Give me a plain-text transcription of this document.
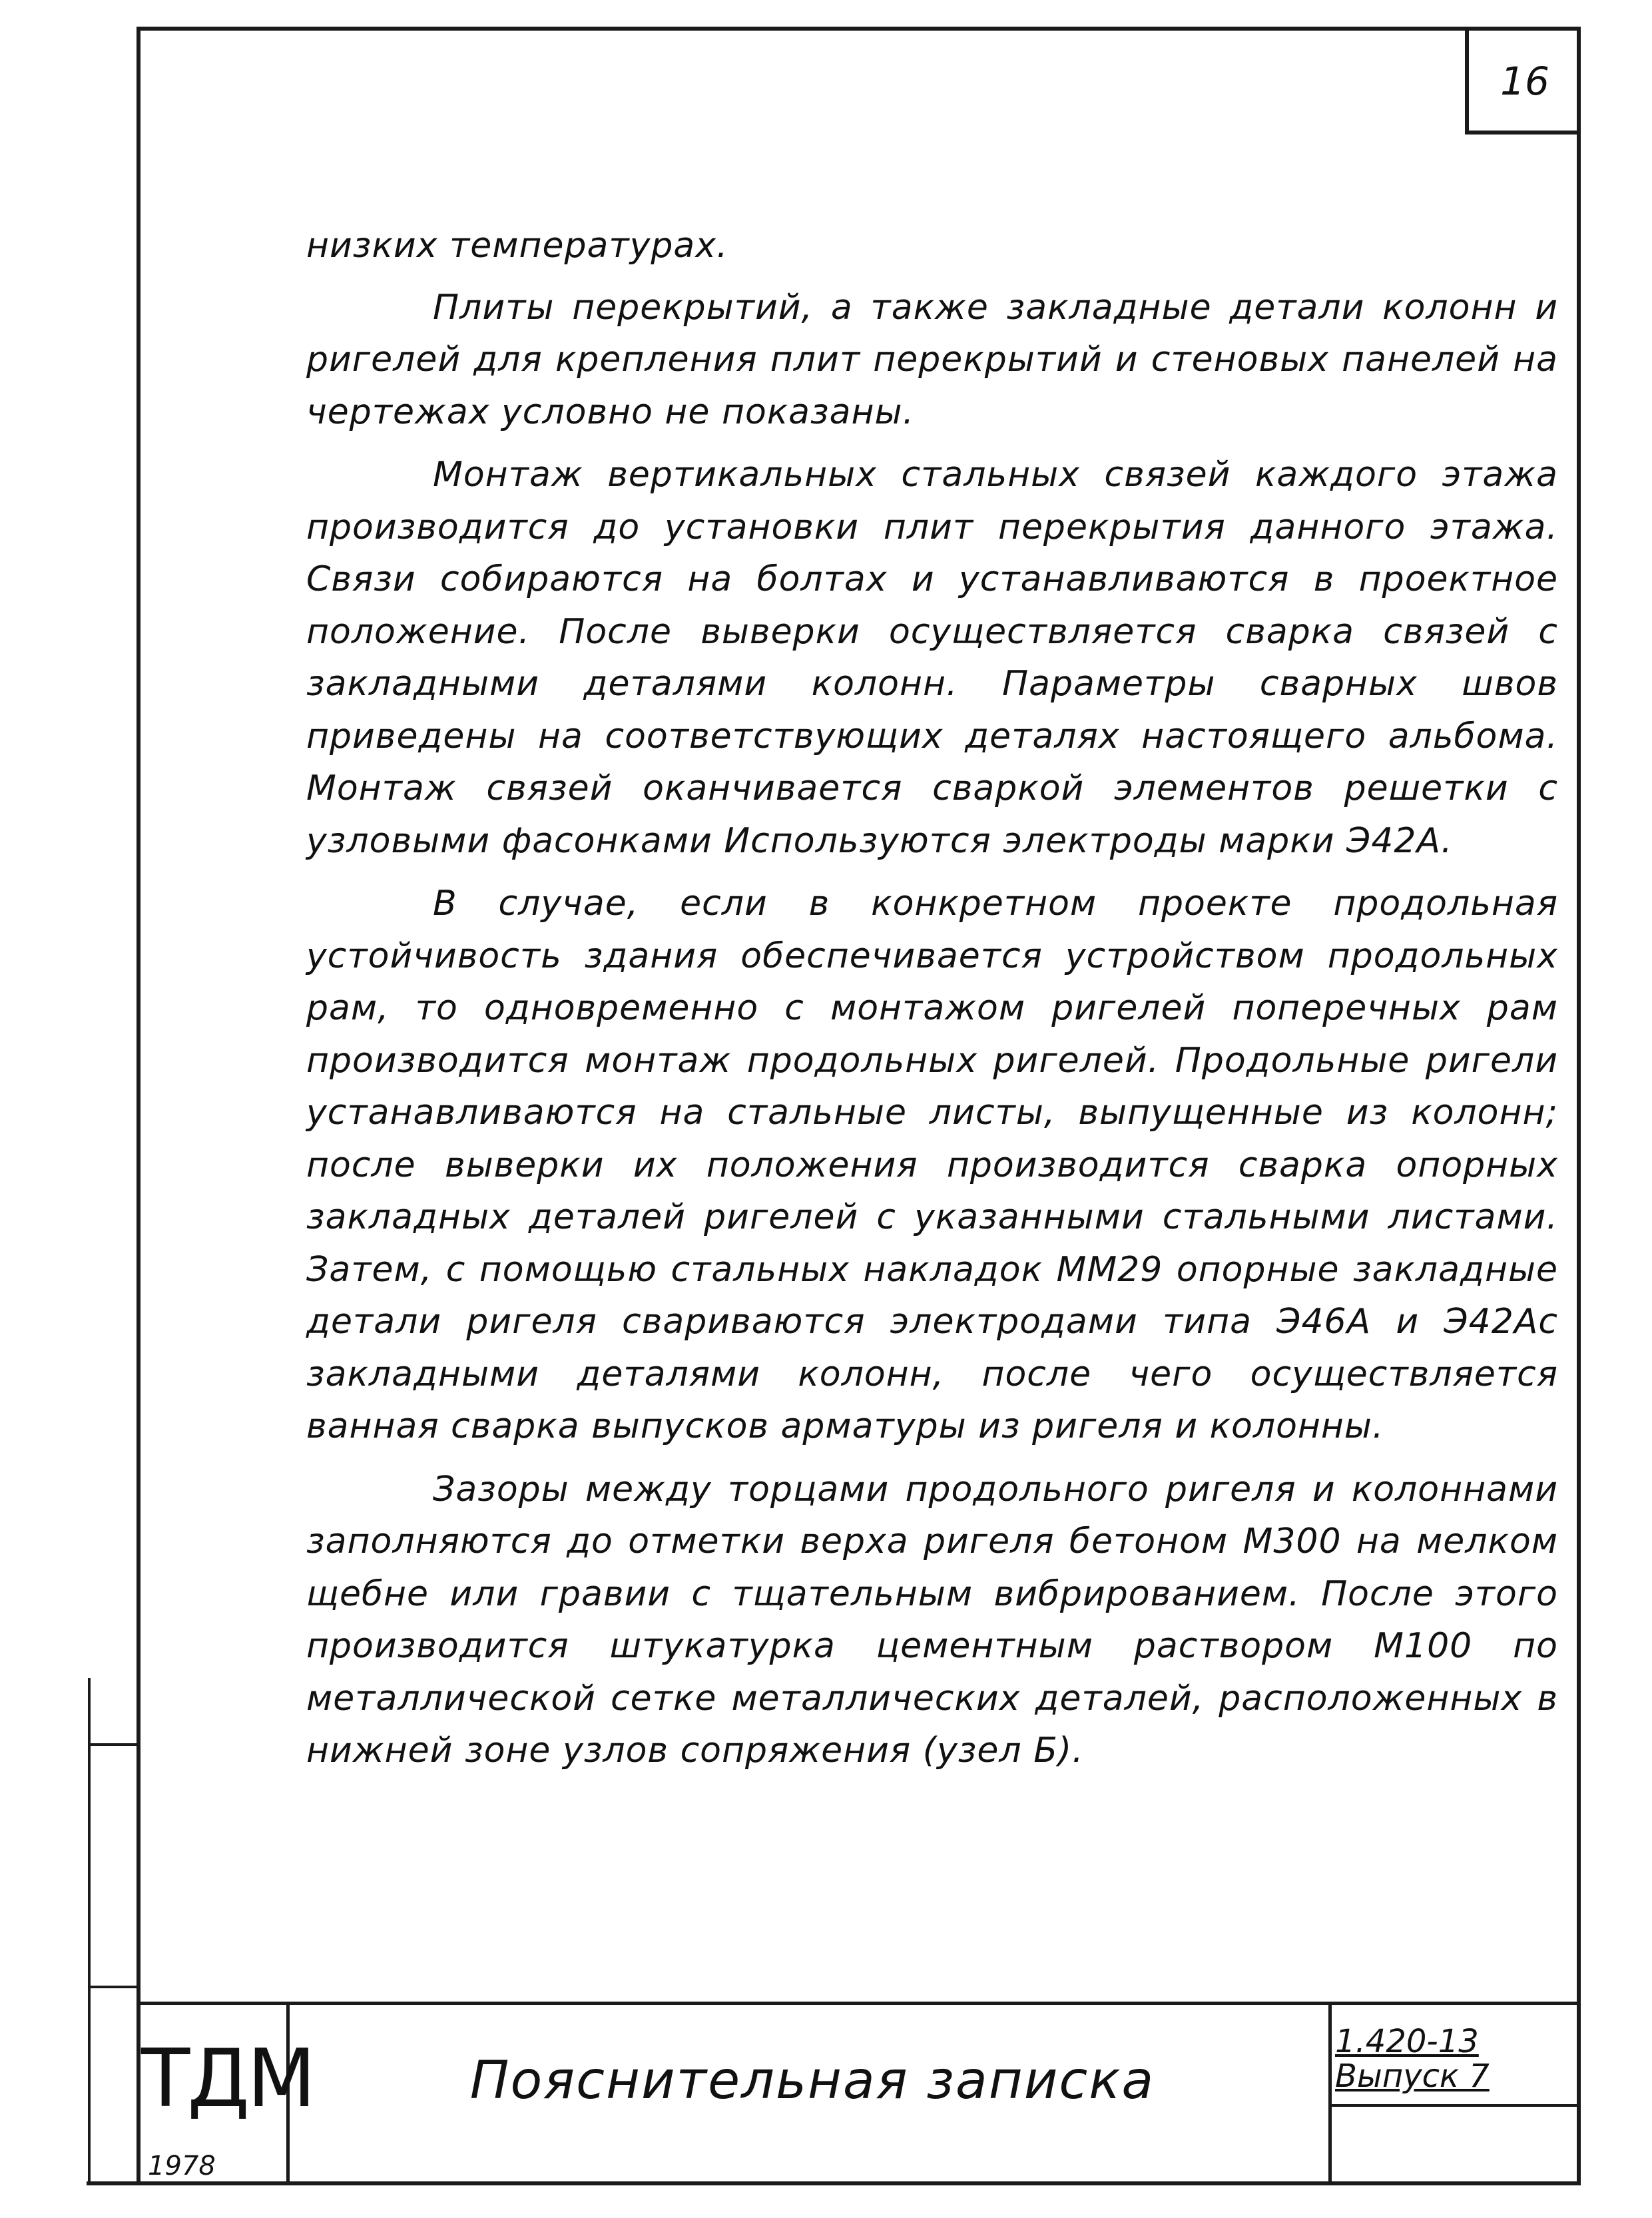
16

низких температурах.

Плиты перекрытий, а также закладные детали колонн и ригелей для крепления плит перекрытий и стеновых панелей на чертежах условно не показаны.

Монтаж вертикальных стальных связей каждого этажа производится до установки плит перекрытия данного этажа. Связи собираются на болтах и устанавливаются в проектное положение. После выверки осуществляется сварка связей с закладными деталями колонн. Параметры сварных швов приведены на соответствующих деталях настоящего альбома. Монтаж связей оканчивается сваркой элементов решетки с узловыми фасонками Используются электроды марки Э42А.

В случае, если в конкретном проекте продольная устойчивость здания обеспечивается устройством продольных рам, то одновременно с монтажом ригелей поперечных рам производится монтаж продольных ригелей. Продольные ригели устанавливаются на стальные листы, выпущенные из колонн; после выверки их положения производится сварка опорных закладных деталей ригелей с указанными стальными листами. Затем, с помощью стальных накладок ММ29 опорные закладные детали ригеля свариваются электродами типа Э46А и Э42Ас закладными деталями колонн, после чего осуществляется ванная сварка выпусков арматуры из ригеля и колонны.

Зазоры между торцами продольного ригеля и колоннами заполняются до отметки верха ригеля бетоном М300 на мелком щебне или гравии с тщательным вибрированием. После этого производится штукатурка цементным раствором М100 по металлической сетке металлических деталей, расположенных в нижней зоне узлов сопряжения (узел Б).

ТДМ
1978
Пояснительная записка
1.420-13
Выпуск 7
